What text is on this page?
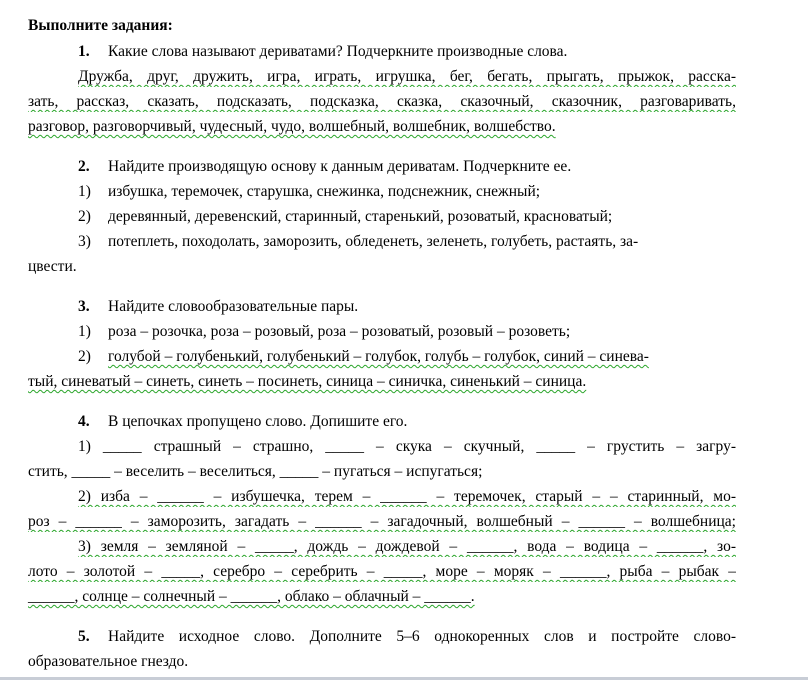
Выполните задания:
1. Какие слова называют дериватами? Подчеркните производные слова.
Дружба, друг, дружить, игра, играть, игрушка, бег, бегать, прыгать, прыжок, расска-
зать, рассказ, сказать, подсказать, подсказка, сказка, сказочный, сказочник, разговаривать,
разговор, разговорчивый, чудесный, чудо, волшебный, волшебник, волшебство.
2. Найдите производящую основу к данным дериватам. Подчеркните ее.
1) избушка, теремочек, старушка, снежинка, подснежник, снежный;
2) деревянный, деревенский, старинный, старенький, розоватый, красноватый;
3) потеплеть, походолать, заморозить, обледенеть, зеленеть, голубеть, растаять, за-
цвести.
3. Найдите словообразовательные пары.
1) роза – розочка, роза – розовый, роза – розоватый, розовый – розоветь;
2) голубой – голубенький, голубенький – голубок, голубь – голубок, синий – синева-
тый, синеватый – синеть, синеть – посинеть, синица – синичка, синенький – синица.
4. В цепочках пропущено слово. Допишите его.
1) _____ страшный – страшно, _____ – скука – скучный, _____ – грустить – загру-
стить, _____ – веселить – веселиться, _____ – пугаться – испугаться;
2) изба – ______ – избушечка, терем – ______ – теремочек, старый – – старинный, мо-
роз – ______ – заморозить, загадать – ______ – загадочный, волшебный – ______ – волшебница;
3) земля – земляной – _____, дождь – дождевой – ______, вода – водица – ______, зо-
лото – золотой – _____, серебро – серебрить – _____, море – моряк – ______, рыба – рыбак –
______, солнце – солнечный – ______, облако – облачный – ______.
5. Найдите исходное слово. Дополните 5–6 однокоренных слов и постройте слово-
образовательное гнездо.
